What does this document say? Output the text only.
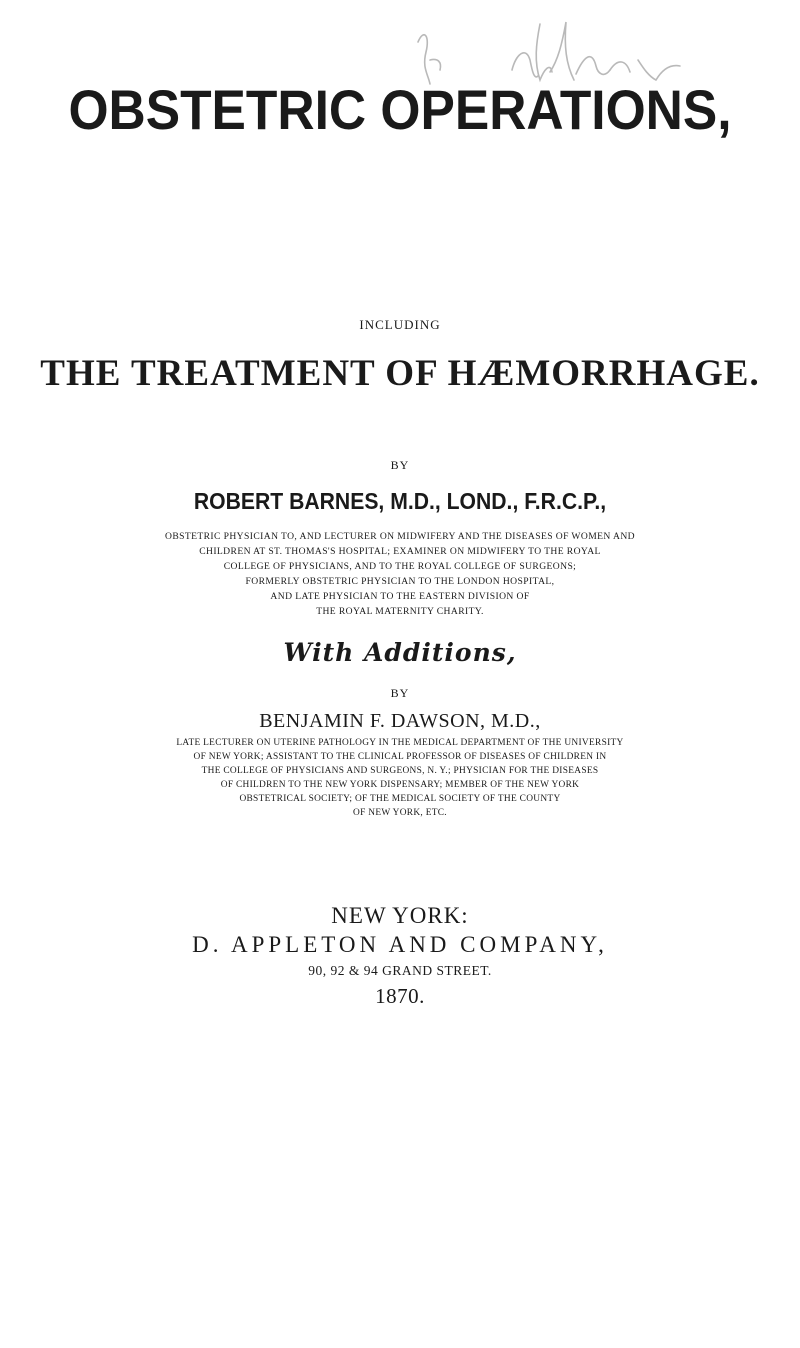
OBSTETRIC OPERATIONS,

INCLUDING

THE TREATMENT OF HÆMORRHAGE.

BY

ROBERT BARNES, M.D., LOND., F.R.C.P.,

OBSTETRIC PHYSICIAN TO, AND LECTURER ON MIDWIFERY AND THE DISEASES OF WOMEN AND

CHILDREN AT ST. THOMAS'S HOSPITAL; EXAMINER ON MIDWIFERY TO THE ROYAL

COLLEGE OF PHYSICIANS, AND TO THE ROYAL COLLEGE OF SURGEONS;

FORMERLY OBSTETRIC PHYSICIAN TO THE LONDON HOSPITAL,

AND LATE PHYSICIAN TO THE EASTERN DIVISION OF

THE ROYAL MATERNITY CHARITY.

With Additions,

BY

BENJAMIN F. DAWSON, M.D.,

LATE LECTURER ON UTERINE PATHOLOGY IN THE MEDICAL DEPARTMENT OF THE UNIVERSITY

OF NEW YORK; ASSISTANT TO THE CLINICAL PROFESSOR OF DISEASES OF CHILDREN IN

THE COLLEGE OF PHYSICIANS AND SURGEONS, N. Y.; PHYSICIAN FOR THE DISEASES

OF CHILDREN TO THE NEW YORK DISPENSARY; MEMBER OF THE NEW YORK

OBSTETRICAL SOCIETY; OF THE MEDICAL SOCIETY OF THE COUNTY

OF NEW YORK, ETC.

NEW YORK:

D. APPLETON AND COMPANY,

90, 92 & 94 GRAND STREET.

1870.
